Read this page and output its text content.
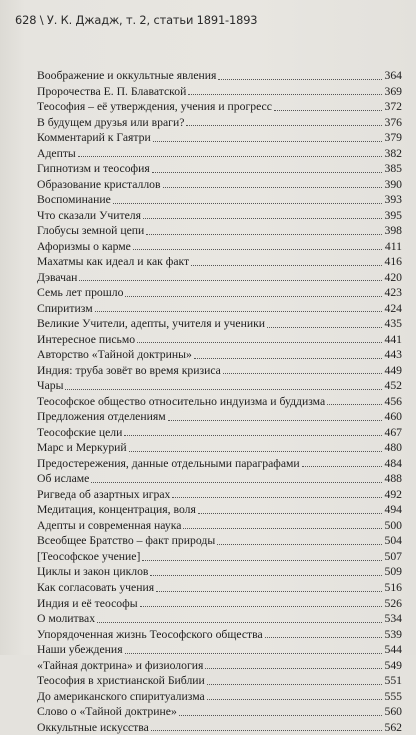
628 \ У. К. Джадж, т. 2, статьи 1891-1893
Воображение и оккультные явления	364
Пророчества Е. П. Блаватской	369
Теософия – её утверждения, учения и прогресс	372
В будущем друзья или враги?	376
Комментарий к Гаятри	379
Адепты	382
Гипнотизм и теософия	385
Образование кристаллов	390
Воспоминание	393
Что сказали Учителя	395
Глобусы земной цепи	398
Афоризмы о карме	411
Махатмы как идеал и как факт	416
Дэвачан	420
Семь лет прошло	423
Спиритизм	424
Великие Учители, адепты, учителя и ученики	435
Интересное письмо	441
Авторство «Тайной доктрины»	443
Индия: труба зовёт во время кризиса	449
Чары	452
Теософское общество относительно индуизма и буддизма	456
Предложения отделениям	460
Теософские цели	467
Марс и Меркурий	480
Предостережения, данные отдельными параграфами	484
Об исламе	488
Ригведа об азартных играх	492
Медитация, концентрация, воля	494
Адепты и современная наука	500
Всеобщее Братство – факт природы	504
[Теософское учение]	507
Циклы и закон циклов	509
Как согласовать учения	516
Индия и её теософы	526
О молитвах	534
Упорядоченная жизнь Теософского общества	539
Наши убеждения	544
«Тайная доктрина» и физиология	549
Теософия в христианской Библии	551
До американского спиритуализма	555
Слово о «Тайной доктрине»	560
Оккультные искусства	562
